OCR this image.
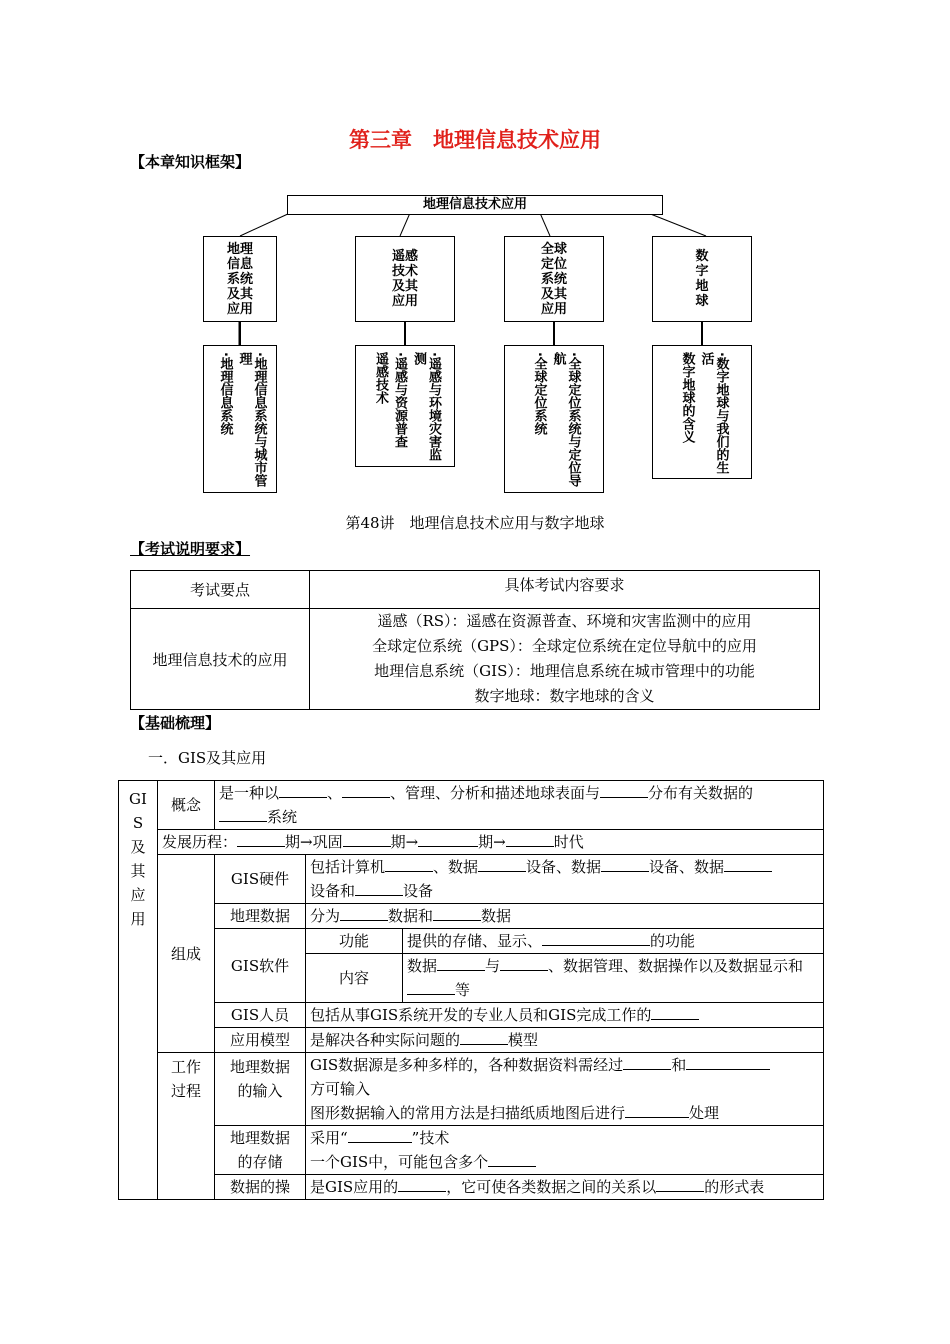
第三章　地理信息技术应用
【本章知识框架】
地理信息技术应用
地理信息系统及其应用
遥感技术及其应用
全球定位系统及其应用
数字地球
·地理信息系统与城市管理
·地理信息系统	·遥感与环境灾害监测
·遥感与资源普查
遥感技术	·全球定位系统与定位导航
·全球定位系统	·数字地球与我们的生活
数字地球的含义
第48讲　地理信息技术应用与数字地球
【考试说明要求】
考试要点	具体考试内容要求
地理信息技术的应用	遥感（RS）：遥感在资源普查、环境和灾害监测中的应用
全球定位系统（GPS）：全球定位系统在定位导航中的应用
地理信息系统（GIS）：地理信息系统在城市管理中的功能
数字地球：数字地球的含义
【基础梳理】
一．GIS及其应用
GIS及其应用	概念	是一种以 、 、管理、分析和描述地球表面与 分布有关数据的
系统		
	发展历程： 期→巩固 期→ 期→ 时代			
	组成	GIS硬件	包括计算机 、数据 设备、数据 设备、数据
设备和 设备	
		地理数据	分为 数据和 数据	
		GIS软件	功能	提供的存储、显示、 的功能
			内容	数据 与 、数据管理、数据操作以及数据显示和等
		GIS人员	包括从事GIS系统开发的专业人员和GIS完成工作的	
		应用模型	是解决各种实际问题的 模型	
	工作过程	地理数据的输入	GIS数据源是多种多样的，各种数据资料需经过 和
方可输入
图形数据输入的常用方法是扫描纸质地图后进行 处理	
		地理数据的存储	采用“ ”技术
一个GIS中，可能包含多个	
		数据的操	是GIS应用的 ，它可使各类数据之间的关系以 的形式表	
